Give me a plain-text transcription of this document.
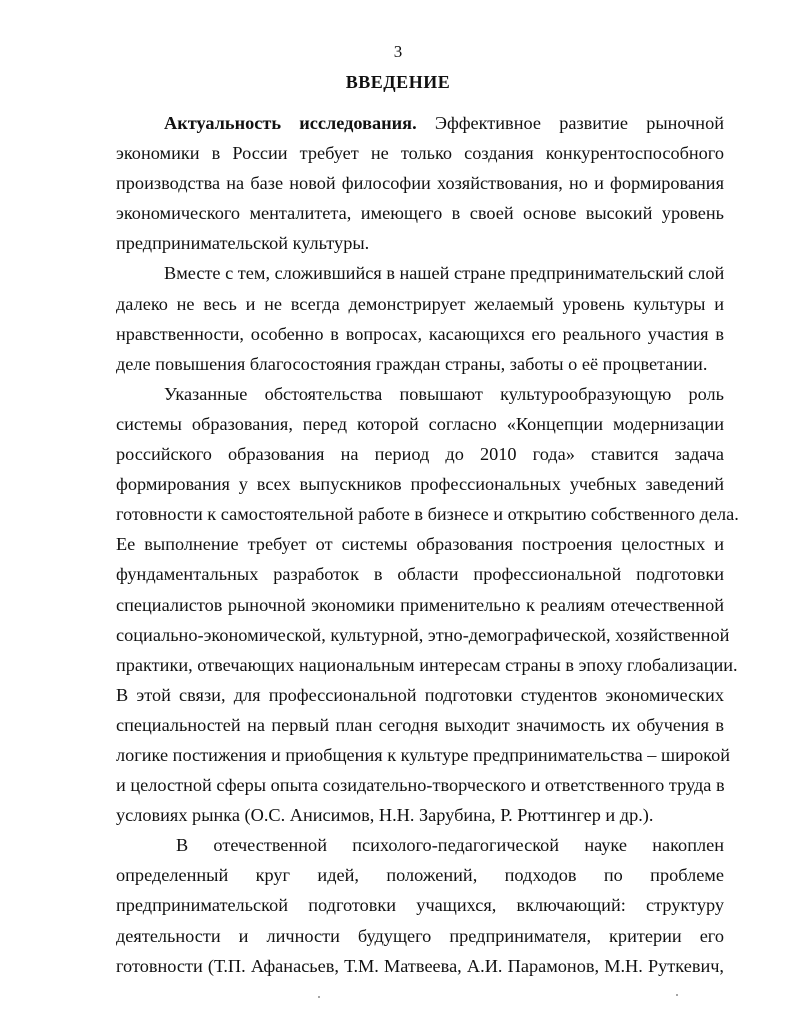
3
ВВЕДЕНИЕ

Актуальность исследования. Эффективное развитие рыночной
экономики в России требует не только создания конкурентоспособного
производства на базе новой философии хозяйствования, но и формирования
экономического менталитета, имеющего в своей основе высокий уровень
предпринимательской культуры.

Вместе с тем, сложившийся в нашей стране предпринимательский слой
далеко не весь и не всегда демонстрирует желаемый уровень культуры и
нравственности, особенно в вопросах, касающихся его реального участия в
деле повышения благосостояния граждан страны, заботы о её процветании.

Указанные обстоятельства повышают культурообразующую роль
системы образования, перед которой согласно «Концепции модернизации
российского образования на период до 2010 года» ставится задача
формирования у всех выпускников профессиональных учебных заведений
готовности к самостоятельной работе в бизнесе и открытию собственного дела.
Ее выполнение требует от системы образования построения целостных и
фундаментальных разработок в области профессиональной подготовки
специалистов рыночной экономики применительно к реалиям отечественной
социально-экономической, культурной, этно-демографической, хозяйственной
практики, отвечающих национальным интересам страны в эпоху глобализации.
В этой связи, для профессиональной подготовки студентов экономических
специальностей на первый план сегодня выходит значимость их обучения в
логике постижения и приобщения к культуре предпринимательства – широкой
и целостной сферы опыта созидательно-творческого и ответственного труда в
условиях рынка (О.С. Анисимов, Н.Н. Зарубина, Р. Рюттингер и др.).

В отечественной психолого-педагогической науке накоплен
определенный круг идей, положений, подходов по проблеме
предпринимательской подготовки учащихся, включающий: структуру
деятельности и личности будущего предпринимателя, критерии его
готовности (Т.П. Афанасьев, Т.М. Матвеева, А.И. Парамонов, М.Н. Руткевич,
